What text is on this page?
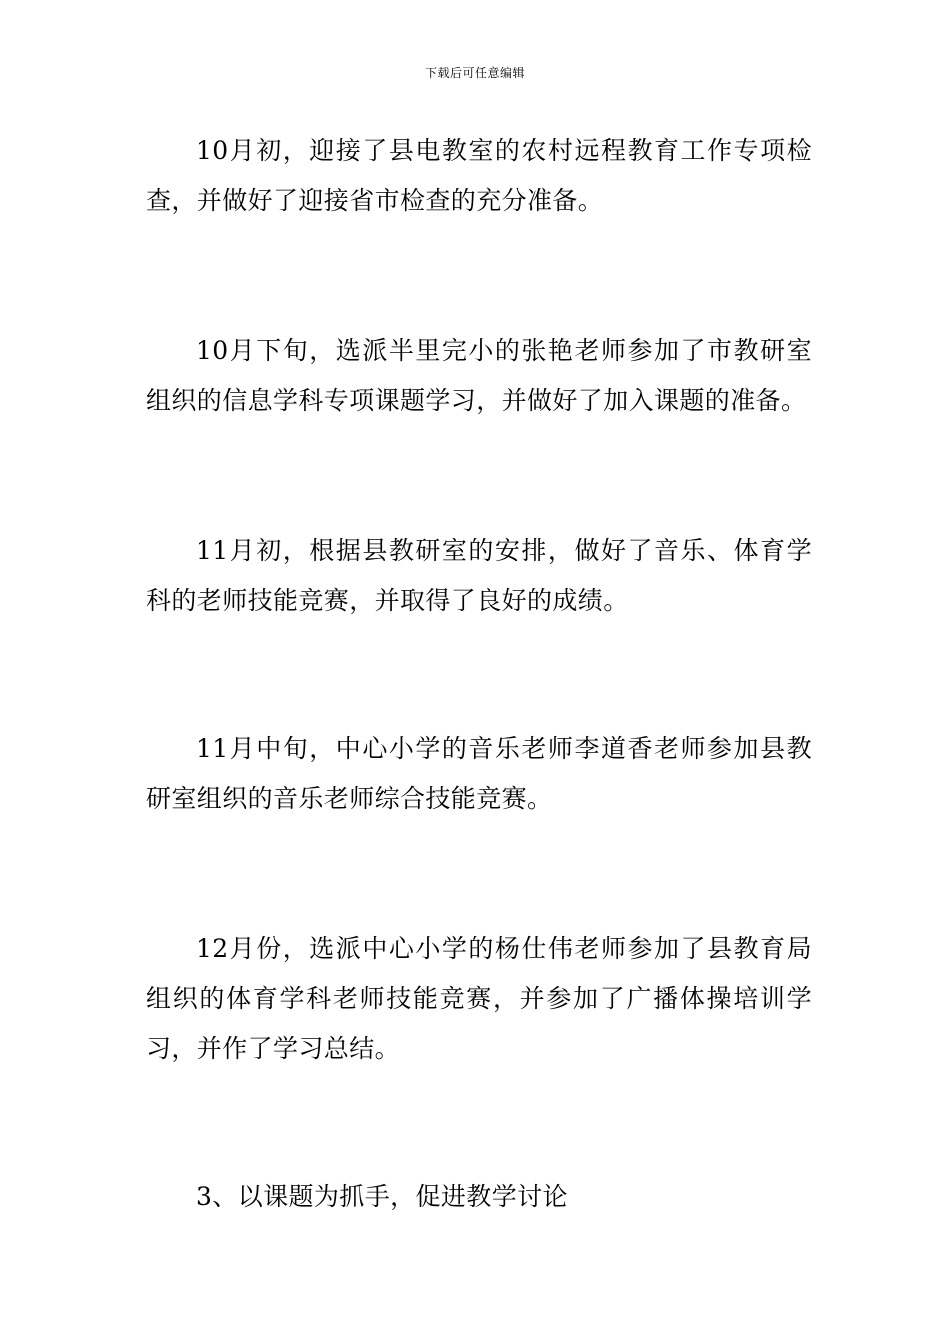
下载后可任意编辑

10月初，迎接了县电教室的农村远程教育工作专项检查，并做好了迎接省市检查的充分准备。

10月下旬，选派半里完小的张艳老师参加了市教研室组织的信息学科专项课题学习，并做好了加入课题的准备。

11月初，根据县教研室的安排，做好了音乐、体育学科的老师技能竞赛，并取得了良好的成绩。

11月中旬，中心小学的音乐老师李道香老师参加县教研室组织的音乐老师综合技能竞赛。

12月份，选派中心小学的杨仕伟老师参加了县教育局组织的体育学科老师技能竞赛，并参加了广播体操培训学习，并作了学习总结。

3、以课题为抓手，促进教学讨论
